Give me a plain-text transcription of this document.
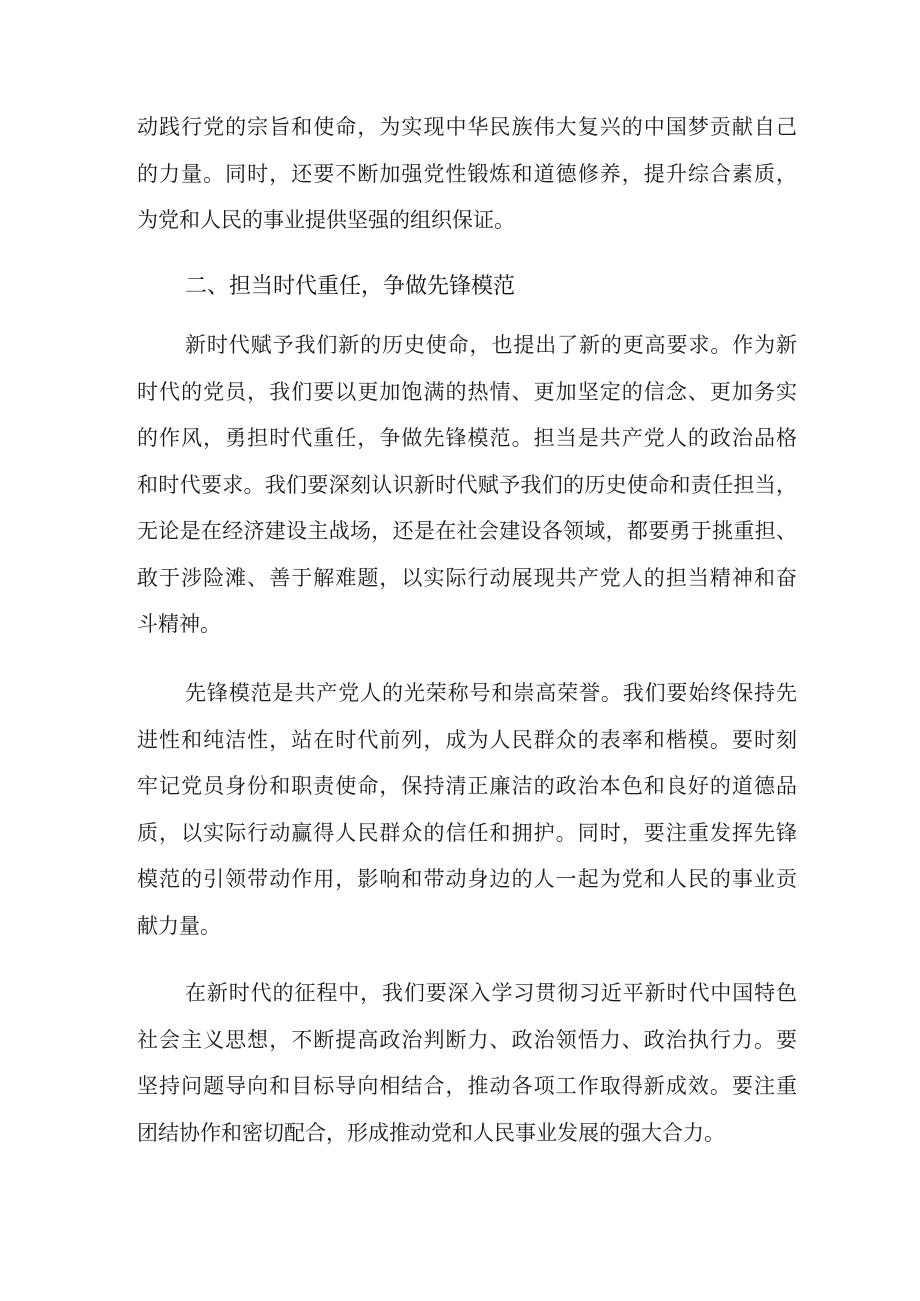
动践行党的宗旨和使命，为实现中华民族伟大复兴的中国梦贡献自己
的力量。同时，还要不断加强党性锻炼和道德修养，提升综合素质，
为党和人民的事业提供坚强的组织保证。
二、担当时代重任，争做先锋模范
新时代赋予我们新的历史使命，也提出了新的更高要求。作为新
时代的党员，我们要以更加饱满的热情、更加坚定的信念、更加务实
的作风，勇担时代重任，争做先锋模范。担当是共产党人的政治品格
和时代要求。我们要深刻认识新时代赋予我们的历史使命和责任担当，
无论是在经济建设主战场，还是在社会建设各领域，都要勇于挑重担、
敢于涉险滩、善于解难题，以实际行动展现共产党人的担当精神和奋
斗精神。
先锋模范是共产党人的光荣称号和崇高荣誉。我们要始终保持先
进性和纯洁性，站在时代前列，成为人民群众的表率和楷模。要时刻
牢记党员身份和职责使命，保持清正廉洁的政治本色和良好的道德品
质，以实际行动赢得人民群众的信任和拥护。同时，要注重发挥先锋
模范的引领带动作用，影响和带动身边的人一起为党和人民的事业贡
献力量。
在新时代的征程中，我们要深入学习贯彻习近平新时代中国特色
社会主义思想，不断提高政治判断力、政治领悟力、政治执行力。要
坚持问题导向和目标导向相结合，推动各项工作取得新成效。要注重
团结协作和密切配合，形成推动党和人民事业发展的强大合力。
